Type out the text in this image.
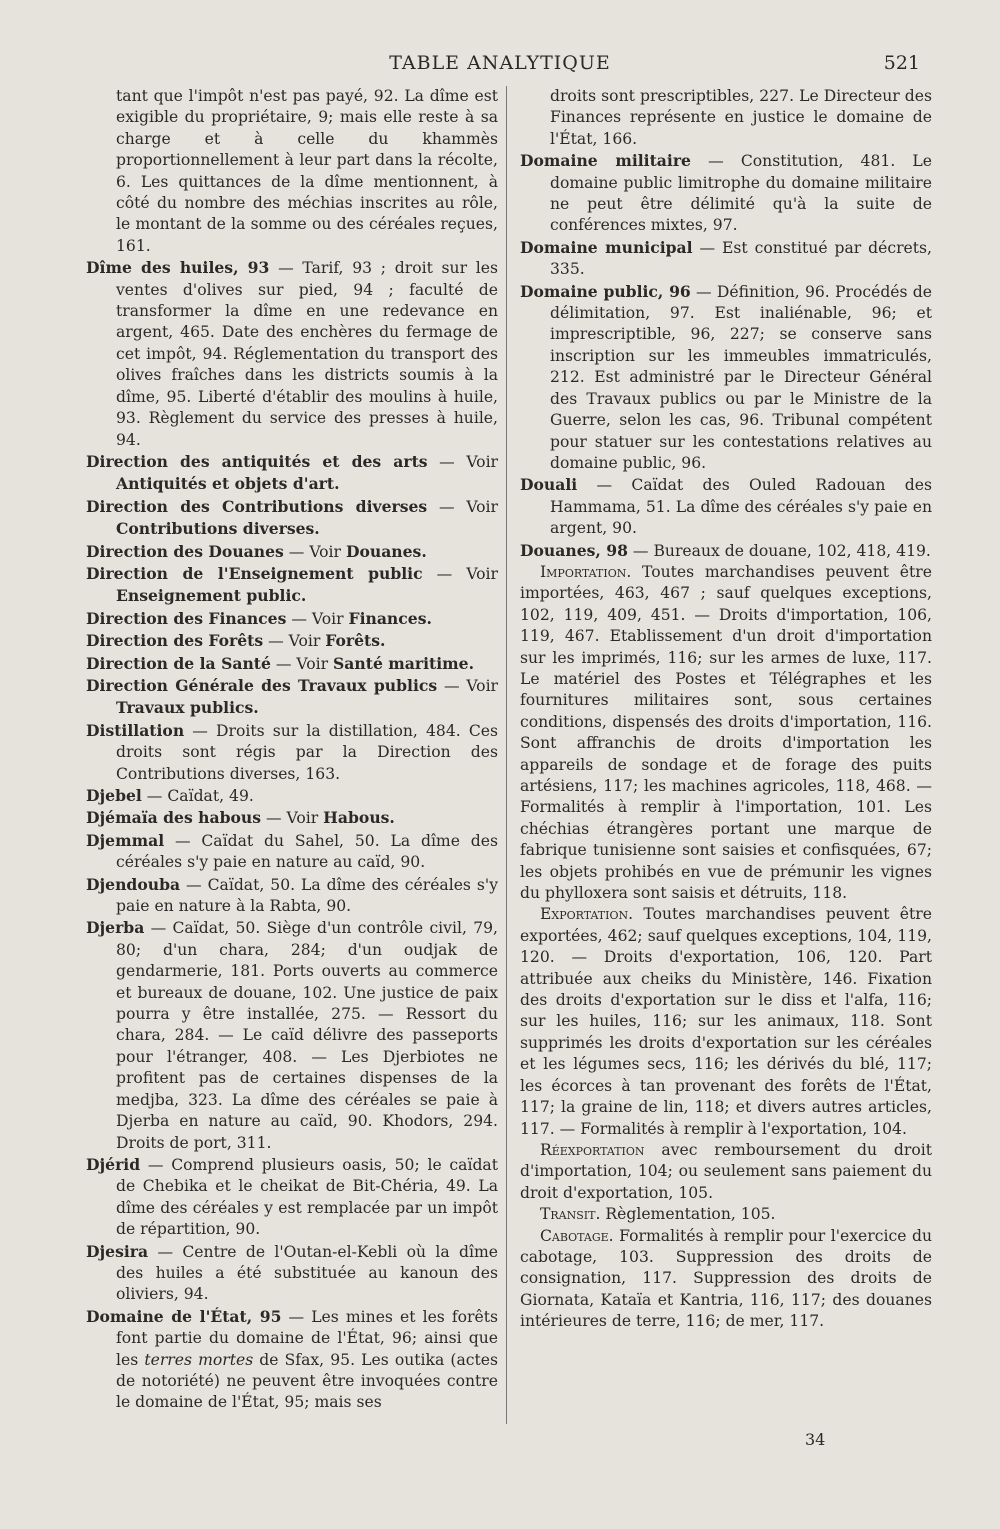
TABLE ANALYTIQUE	521

tant que l'impôt n'est pas payé, 92. La dîme est exigible du propriétaire, 9; mais elle reste à sa charge et à celle du khammès proportionnellement à leur part dans la récolte, 6. Les quittances de la dîme mentionnent, à côté du nombre des méchias inscrites au rôle, le montant de la somme ou des céréales reçues, 161.

Dîme des huiles, 93 — Tarif, 93 ; droit sur les ventes d'olives sur pied, 94 ; faculté de transformer la dîme en une redevance en argent, 465. Date des enchères du fermage de cet impôt, 94. Réglementation du transport des olives fraîches dans les districts soumis à la dîme, 95. Liberté d'établir des moulins à huile, 93. Règlement du service des presses à huile, 94.

Direction des antiquités et des arts — Voir Antiquités et objets d'art.

Direction des Contributions diverses — Voir Contributions diverses.

Direction des Douanes — Voir Douanes.

Direction de l'Enseignement public — Voir Enseignement public.

Direction des Finances — Voir Finances.

Direction des Forêts — Voir Forêts.

Direction de la Santé — Voir Santé maritime.

Direction Générale des Travaux publics — Voir Travaux publics.

Distillation — Droits sur la distillation, 484. Ces droits sont régis par la Direction des Contributions diverses, 163.

Djebel — Caïdat, 49.

Djémaïa des habous — Voir Habous.

Djemmal — Caïdat du Sahel, 50. La dîme des céréales s'y paie en nature au caïd, 90.

Djendouba — Caïdat, 50. La dîme des céréales s'y paie en nature à la Rabta, 90.

Djerba — Caïdat, 50. Siège d'un contrôle civil, 79, 80; d'un chara, 284; d'un oudjak de gendarmerie, 181. Ports ouverts au commerce et bureaux de douane, 102. Une justice de paix pourra y être installée, 275. — Ressort du chara, 284. — Le caïd délivre des passeports pour l'étranger, 408. — Les Djerbiotes ne profitent pas de certaines dispenses de la medjba, 323. La dîme des céréales se paie à Djerba en nature au caïd, 90. Khodors, 294. Droits de port, 311.

Djérid — Comprend plusieurs oasis, 50; le caïdat de Chebika et le cheikat de Bit-Chéria, 49. La dîme des céréales y est remplacée par un impôt de répartition, 90.

Djesira — Centre de l'Outan-el-Kebli où la dîme des huiles a été substituée au kanoun des oliviers, 94.

Domaine de l'État, 95 — Les mines et les forêts font partie du domaine de l'État, 96; ainsi que les terres mortes de Sfax, 95. Les outika (actes de notoriété) ne peuvent être invoquées contre le domaine de l'État, 95; mais ses

droits sont prescriptibles, 227. Le Directeur des Finances représente en justice le domaine de l'État, 166.

Domaine militaire — Constitution, 481. Le domaine public limitrophe du domaine militaire ne peut être délimité qu'à la suite de conférences mixtes, 97.

Domaine municipal — Est constitué par décrets, 335.

Domaine public, 96 — Définition, 96. Procédés de délimitation, 97. Est inaliénable, 96; et imprescriptible, 96, 227; se conserve sans inscription sur les immeubles immatriculés, 212. Est administré par le Directeur Général des Travaux publics ou par le Ministre de la Guerre, selon les cas, 96. Tribunal compétent pour statuer sur les contestations relatives au domaine public, 96.

Douali — Caïdat des Ouled Radouan des Hammama, 51. La dîme des céréales s'y paie en argent, 90.

Douanes, 98 — Bureaux de douane, 102, 418, 419.

Importation. Toutes marchandises peuvent être importées, 463, 467 ; sauf quelques exceptions, 102, 119, 409, 451. — Droits d'importation, 106, 119, 467. Etablissement d'un droit d'importation sur les imprimés, 116; sur les armes de luxe, 117. Le matériel des Postes et Télégraphes et les fournitures militaires sont, sous certaines conditions, dispensés des droits d'importation, 116. Sont affranchis de droits d'importation les appareils de sondage et de forage des puits artésiens, 117; les machines agricoles, 118, 468. — Formalités à remplir à l'importation, 101. Les chéchias étrangères portant une marque de fabrique tunisienne sont saisies et confisquées, 67; les objets prohibés en vue de prémunir les vignes du phylloxera sont saisis et détruits, 118.

Exportation. Toutes marchandises peuvent être exportées, 462; sauf quelques exceptions, 104, 119, 120. — Droits d'exportation, 106, 120. Part attribuée aux cheiks du Ministère, 146. Fixation des droits d'exportation sur le diss et l'alfa, 116; sur les huiles, 116; sur les animaux, 118. Sont supprimés les droits d'exportation sur les céréales et les légumes secs, 116; les dérivés du blé, 117; les écorces à tan provenant des forêts de l'État, 117; la graine de lin, 118; et divers autres articles, 117. — Formalités à remplir à l'exportation, 104.

Réexportation avec remboursement du droit d'importation, 104; ou seulement sans paiement du droit d'exportation, 105.

Transit. Règlementation, 105.

Cabotage. Formalités à remplir pour l'exercice du cabotage, 103. Suppression des droits de consignation, 117. Suppression des droits de Giornata, Kataïa et Kantria, 116, 117; des douanes intérieures de terre, 116; de mer, 117.

34
